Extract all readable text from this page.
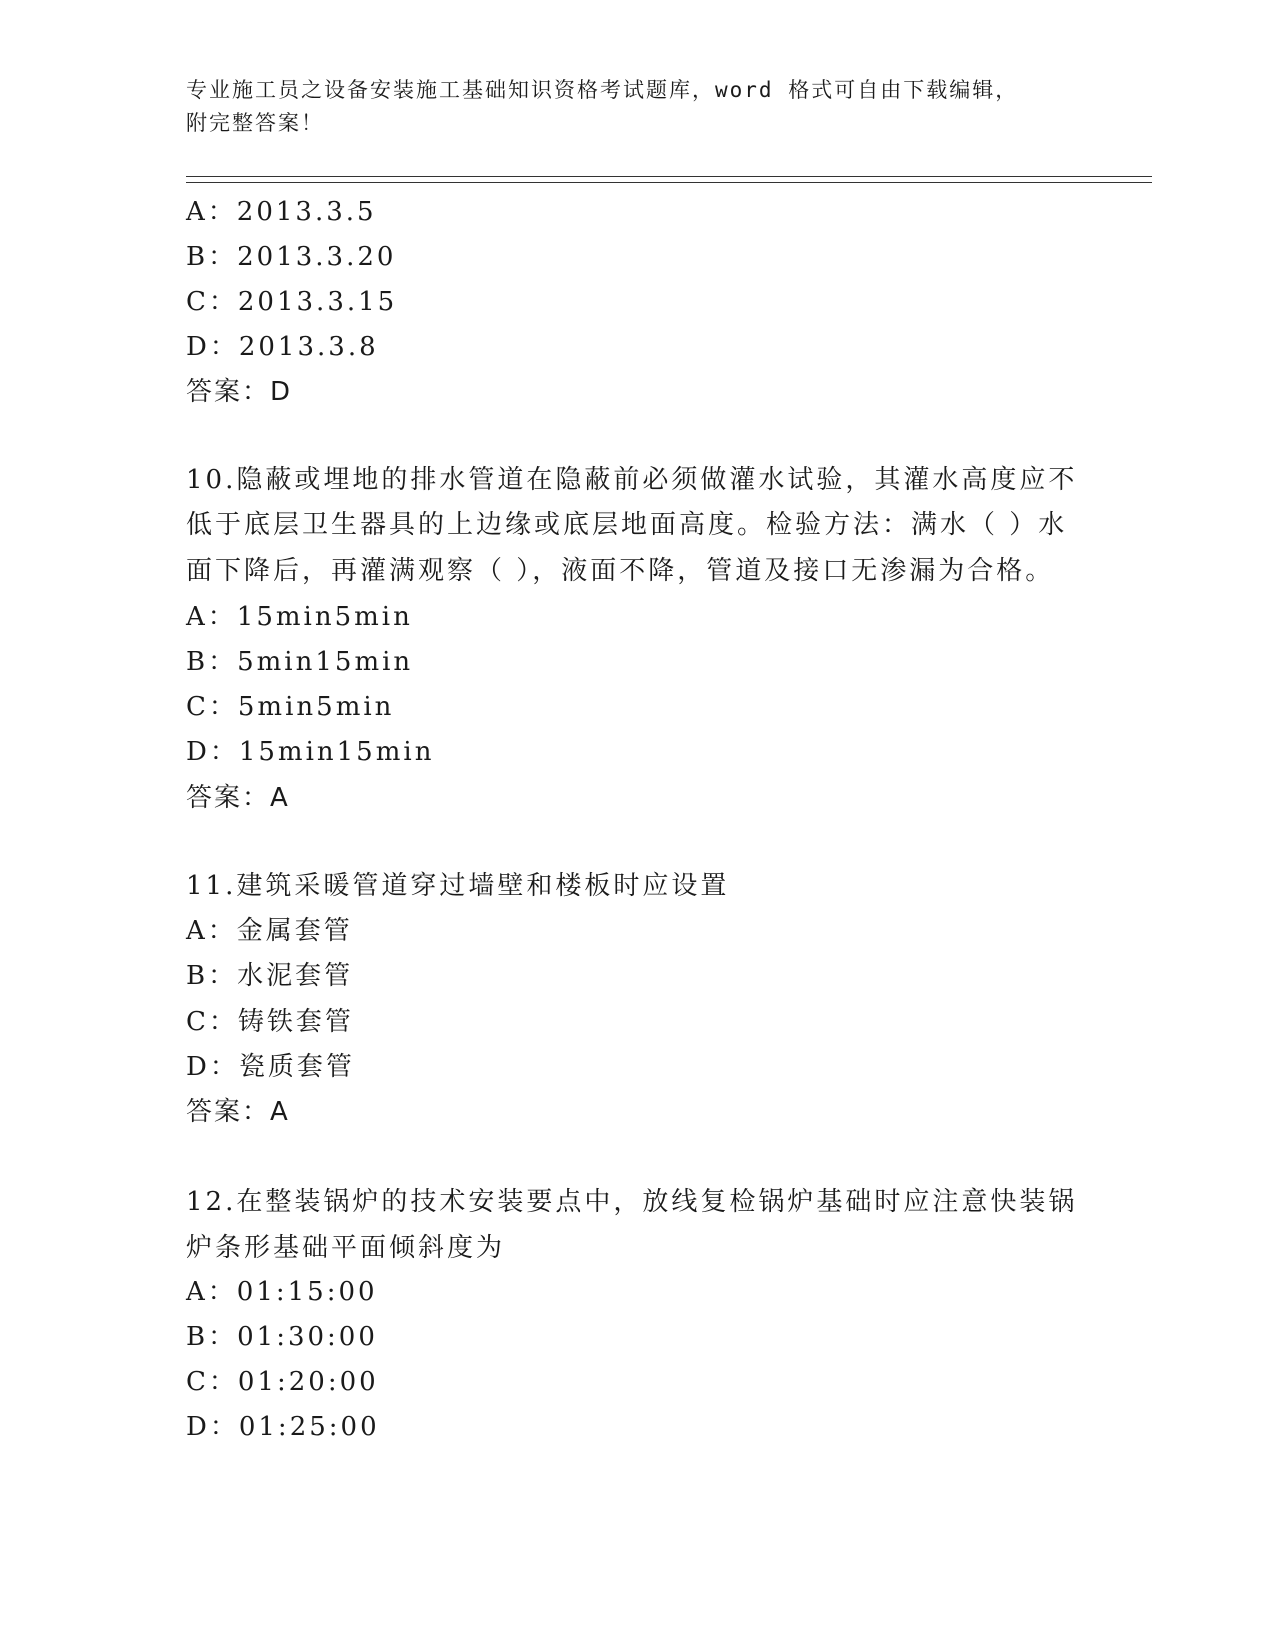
专业施工员之设备安装施工基础知识资格考试题库，word 格式可自由下载编辑，
附完整答案！
A：2013.3.5
B：2013.3.20
C：2013.3.15
D：2013.3.8
答案：D
10.隐蔽或埋地的排水管道在隐蔽前必须做灌水试验，其灌水高度应不
低于底层卫生器具的上边缘或底层地面高度。检验方法：满水（ ）水
面下降后，再灌满观察（ ），液面不降，管道及接口无渗漏为合格。
A：15min5min
B：5min15min
C：5min5min
D：15min15min
答案：A
11.建筑采暖管道穿过墙壁和楼板时应设置
A：金属套管
B：水泥套管
C：铸铁套管
D：瓷质套管
答案：A
12.在整装锅炉的技术安装要点中，放线复检锅炉基础时应注意快装锅
炉条形基础平面倾斜度为
A：01:15:00
B：01:30:00
C：01:20:00
D：01:25:00
